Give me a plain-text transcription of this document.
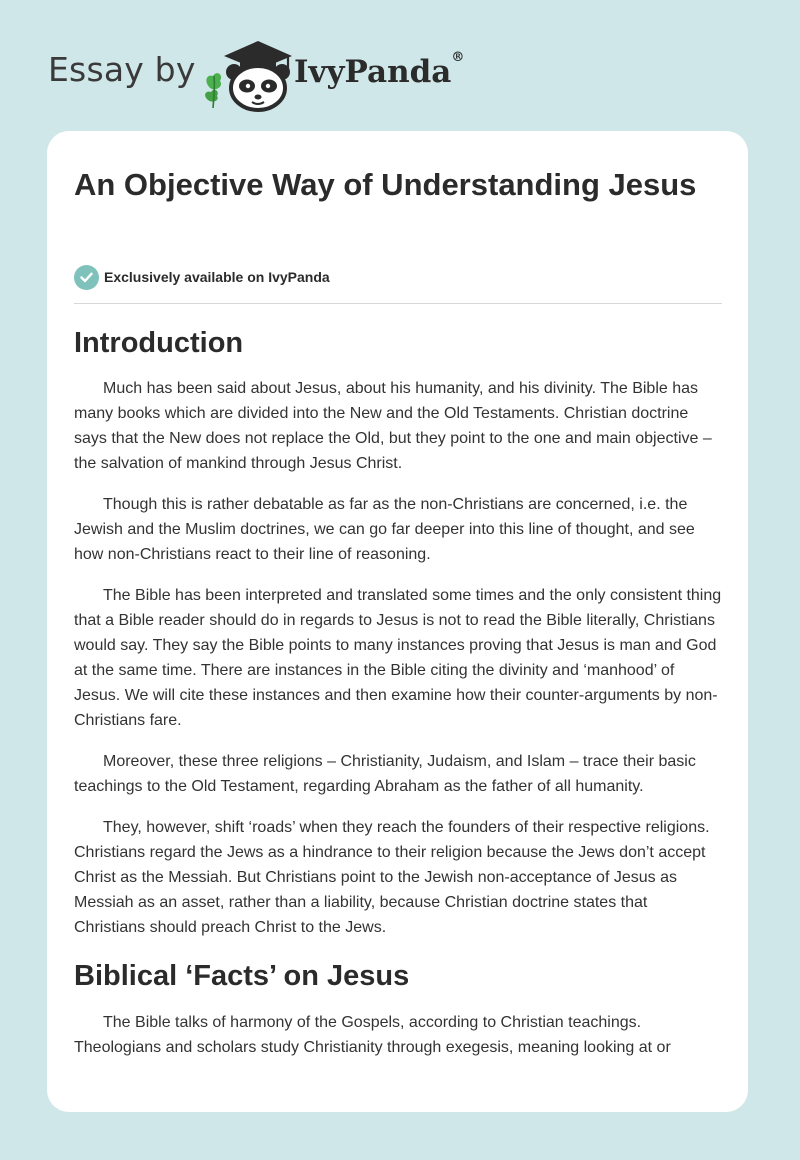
Essay by	IvyPanda®
An Objective Way of Understanding Jesus
Exclusively available on IvyPanda
Introduction

Much has been said about Jesus, about his humanity, and his divinity. The Bible has many books which are divided into the New and the Old Testaments. Christian doctrine says that the New does not replace the Old, but they point to the one and main objective – the salvation of mankind through Jesus Christ.

Though this is rather debatable as far as the non-Christians are concerned, i.e. the Jewish and the Muslim doctrines, we can go far deeper into this line of thought, and see how non-Christians react to their line of reasoning.

The Bible has been interpreted and translated some times and the only consistent thing that a Bible reader should do in regards to Jesus is not to read the Bible literally, Christians would say. They say the Bible points to many instances proving that Jesus is man and God at the same time. There are instances in the Bible citing the divinity and ‘manhood’ of Jesus. We will cite these instances and then examine how their counter-arguments by non-Christians fare.

Moreover, these three religions – Christianity, Judaism, and Islam – trace their basic teachings to the Old Testament, regarding Abraham as the father of all humanity.

They, however, shift ‘roads’ when they reach the founders of their respective religions. Christians regard the Jews as a hindrance to their religion because the Jews don’t accept Christ as the Messiah. But Christians point to the Jewish non-acceptance of Jesus as Messiah as an asset, rather than a liability, because Christian doctrine states that Christians should preach Christ to the Jews.

Biblical ‘Facts’ on Jesus

The Bible talks of harmony of the Gospels, according to Christian teachings. Theologians and scholars study Christianity through exegesis, meaning looking at or
